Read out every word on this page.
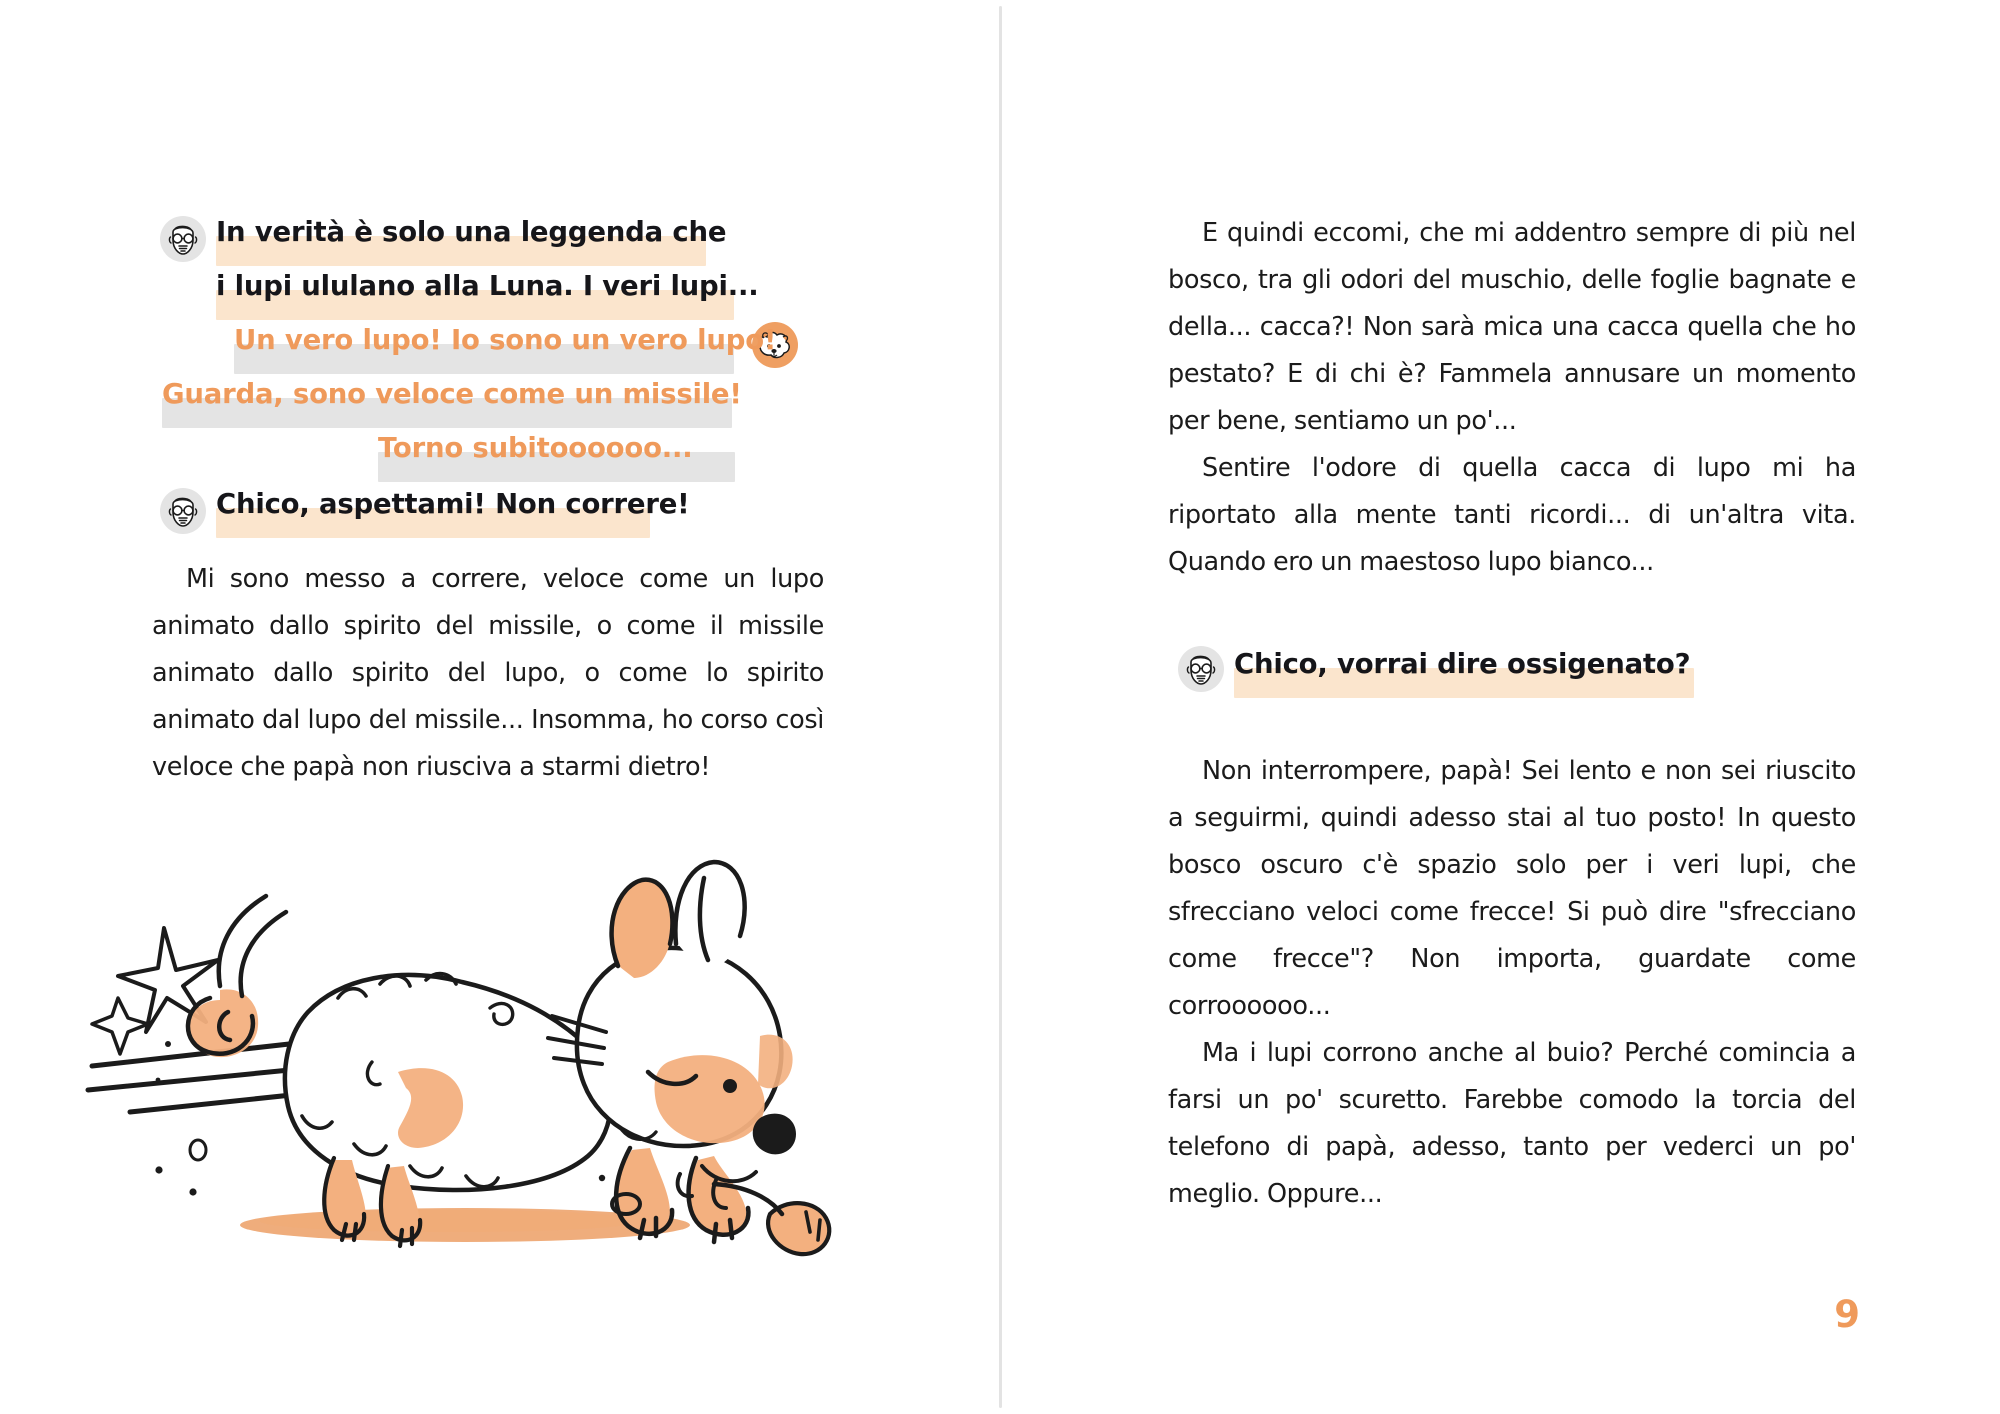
In verità è solo una leggenda che
i lupi ululano alla Luna. I veri lupi...
Un vero lupo! Io sono un vero lupo!
Guarda, sono veloce come un missile!
Torno subitoooooo...
Chico, aspettami! Non correre!

Mi sono messo a correre, veloce come un lupo animato dallo spirito del missile, o come il missile animato dallo spirito del lupo, o come lo spirito animato dal lupo del missile... Insomma, ho corso così veloce che papà non riusciva a starmi dietro!

E quindi eccomi, che mi addentro sempre di più nel bosco, tra gli odori del muschio, delle foglie bagnate e della... cacca?! Non sarà mica una cacca quella che ho pestato? E di chi è? Fammela annusare un momento per bene, sentiamo un po'...

Sentire l'odore di quella cacca di lupo mi ha riportato alla mente tanti ricordi... di un'altra vita. Quando ero un maestoso lupo bianco...

Chico, vorrai dire ossigenato?

Non interrompere, papà! Sei lento e non sei riuscito a seguirmi, quindi adesso stai al tuo posto! In questo bosco oscuro c'è spazio solo per i veri lupi, che sfrecciano veloci come frecce! Si può dire "sfrecciano come frecce"? Non importa, guardate come corroooooo...

Ma i lupi corrono anche al buio? Perché comincia a farsi un po' scuretto. Farebbe comodo la torcia del telefono di papà, adesso, tanto per vederci un po' meglio. Oppure...

9
